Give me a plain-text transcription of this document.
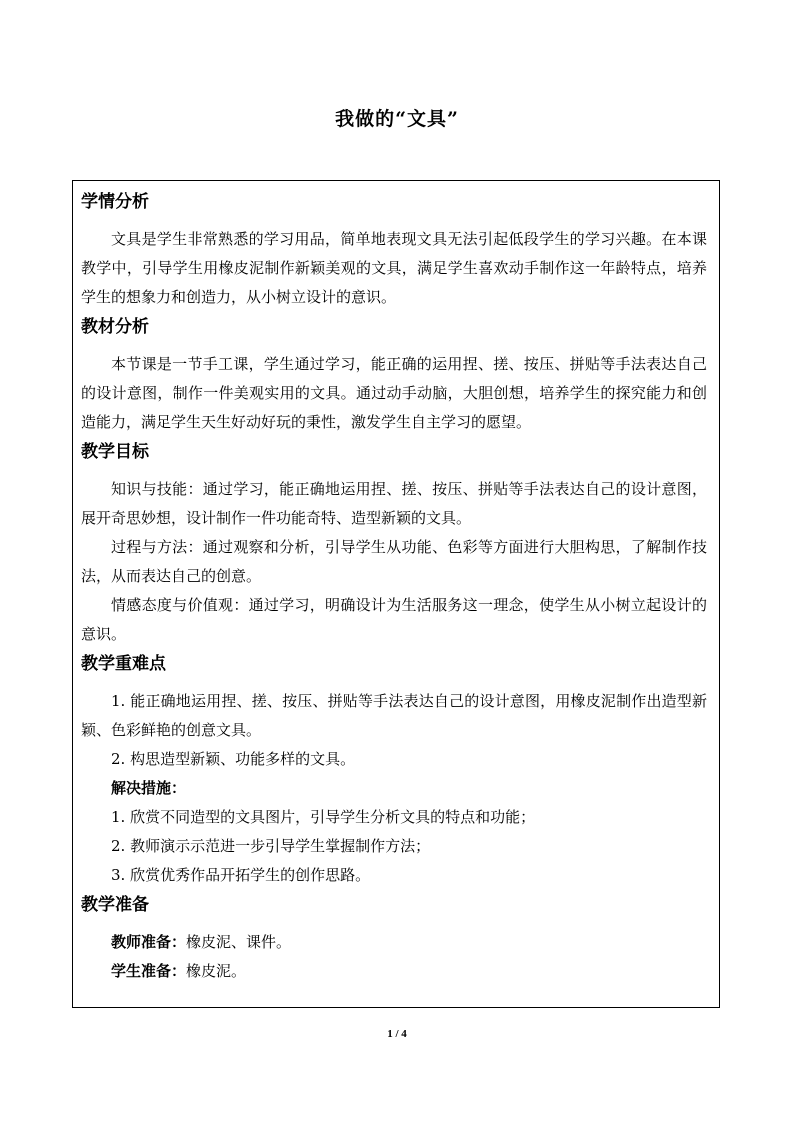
我做的“文具”
学情分析

文具是学生非常熟悉的学习用品，简单地表现文具无法引起低段学生的学习兴趣。在本课教学中，引导学生用橡皮泥制作新颖美观的文具，满足学生喜欢动手制作这一年龄特点，培养学生的想象力和创造力，从小树立设计的意识。

教材分析

本节课是一节手工课，学生通过学习，能正确的运用捏、搓、按压、拼贴等手法表达自己的设计意图，制作一件美观实用的文具。通过动手动脑，大胆创想，培养学生的探究能力和创造能力，满足学生天生好动好玩的秉性，激发学生自主学习的愿望。

教学目标

知识与技能：通过学习，能正确地运用捏、搓、按压、拼贴等手法表达自己的设计意图，展开奇思妙想，设计制作一件功能奇特、造型新颖的文具。

过程与方法：通过观察和分析，引导学生从功能、色彩等方面进行大胆构思，了解制作技法，从而表达自己的创意。

情感态度与价值观：通过学习，明确设计为生活服务这一理念，使学生从小树立起设计的意识。

教学重难点

1. 能正确地运用捏、搓、按压、拼贴等手法表达自己的设计意图，用橡皮泥制作出造型新颖、色彩鲜艳的创意文具。

2. 构思造型新颖、功能多样的文具。

解决措施：

1. 欣赏不同造型的文具图片，引导学生分析文具的特点和功能；

2. 教师演示示范进一步引导学生掌握制作方法；

3. 欣赏优秀作品开拓学生的创作思路。

教学准备

教师准备：橡皮泥、课件。

学生准备：橡皮泥。

1 / 4
